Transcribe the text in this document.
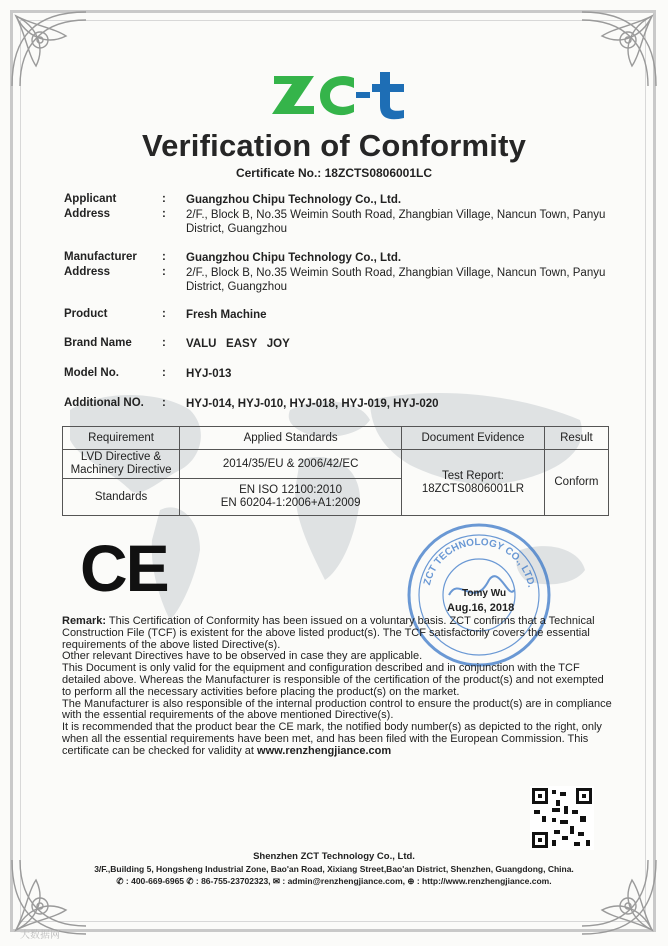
Verification of Conformity
Certificate No.: 18ZCTS0806001LC
Applicant	: Guangzhou Chipu Technology Co., Ltd.
Address	: 2/F., Block B, No.35 Weimin South Road, Zhangbian Village, Nancun Town, Panyu District, Guangzhou
Manufacturer	: Guangzhou Chipu Technology Co., Ltd.
Address	: 2/F., Block B, No.35 Weimin South Road, Zhangbian Village, Nancun Town, Panyu District, Guangzhou
Product	: Fresh Machine
Brand Name	: VALU   EASY   JOY
Model No.	: HYJ-013
Additional NO.	: HYJ-014, HYJ-010, HYJ-018, HYJ-019, HYJ-020
Requirement	Applied Standards	Document Evidence	Result
LVD Directive & Machinery Directive	2014/35/EU & 2006/42/EC	Test Report:
18ZCTS0806001LR	Conform
Standards	EN ISO 12100:2010
EN 60204-1:2006+A1:2009		
CE	ZCT TECHNOLOGY CO., LTD.
Tomy Wu
Aug.16, 2018

Remark: This Certification of Conformity has been issued on a voluntary basis. ZCT confirms that a Technical Construction File (TCF) is existent for the above listed product(s). The TCF satisfactorily covers the essential requirements of the above listed Directive(s).

Other relevant Directives have to be observed in case they are applicable.

This Document is only valid for the equipment and configuration described and in conjunction with the TCF detailed above. Whereas the Manufacturer is responsible of the certification of the product(s) and not exempted to perform all the necessary activities before placing the product(s) on the market.

The Manufacturer is also responsible of the internal production control to ensure the product(s) are in compliance with the essential requirements of the above mentioned Directive(s).

It is recommended that the product bear the CE mark, the notified body number(s) as depicted to the right, only when all the essential requirements have been met, and has been filed with the European Commission. This certificate can be checked for validity at www.renzhengjiance.com

Shenzhen ZCT Technology Co., Ltd.
3/F.,Building 5, Hongsheng Industrial Zone, Bao'an Road, Xixiang Street,Bao'an District, Shenzhen, Guangdong, China.
✆ : 400-669-6965 ✆ : 86-755-23702323, ✉ : admin@renzhengjiance.com, ⊕ : http://www.renzhengjiance.com.
大数据网
